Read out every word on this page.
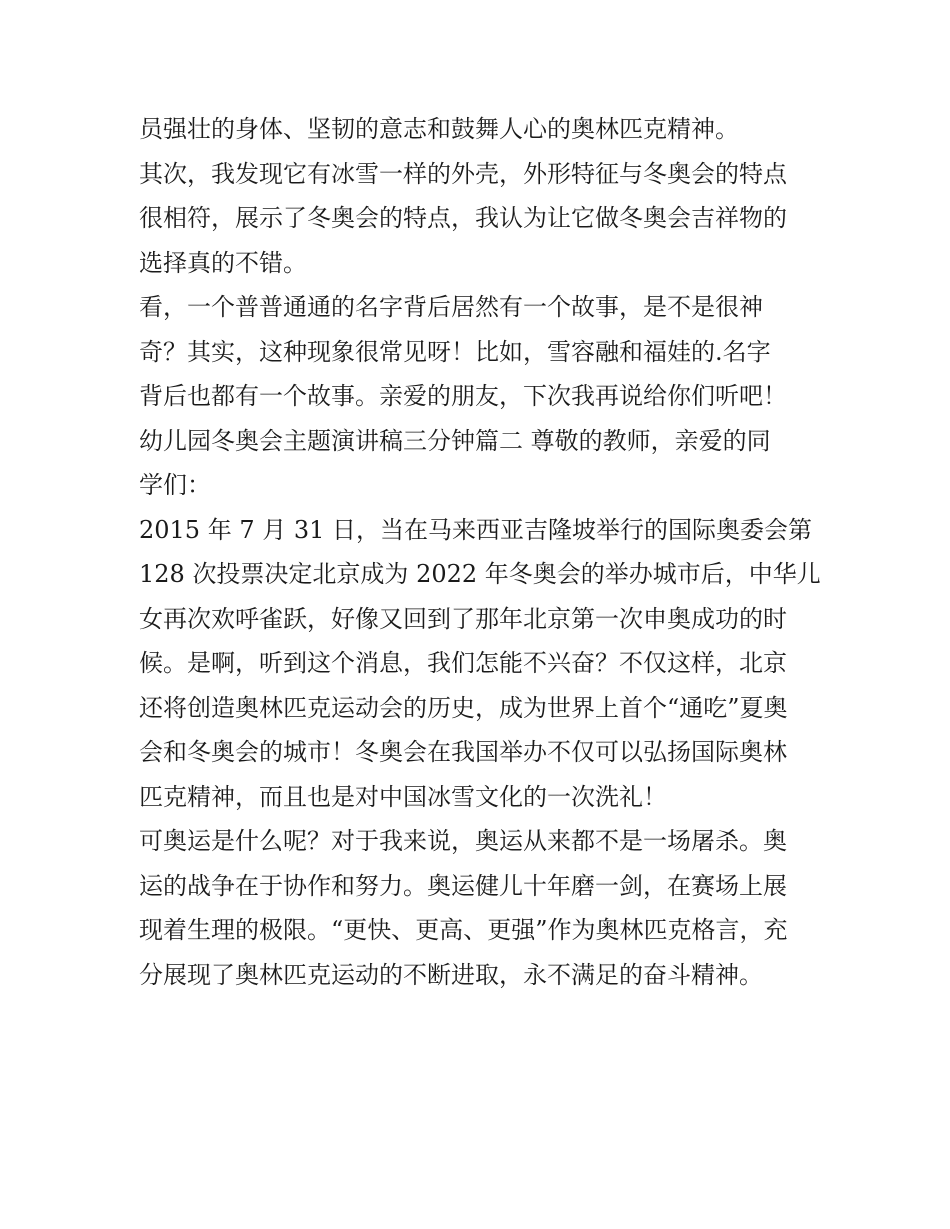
员强壮的身体、坚韧的意志和鼓舞人心的奥林匹克精神。
其次，我发现它有冰雪一样的外壳，外形特征与冬奥会的特点
很相符，展示了冬奥会的特点，我认为让它做冬奥会吉祥物的
选择真的不错。
看，一个普普通通的名字背后居然有一个故事，是不是很神
奇？其实，这种现象很常见呀！比如，雪容融和福娃的.名字
背后也都有一个故事。亲爱的朋友，下次我再说给你们听吧！
幼儿园冬奥会主题演讲稿三分钟篇二 尊敬的教师，亲爱的同
学们：
2015 年 7 月 31 日，当在马来西亚吉隆坡举行的国际奥委会第
128 次投票决定北京成为 2022 年冬奥会的举办城市后，中华儿
女再次欢呼雀跃，好像又回到了那年北京第一次申奥成功的时
候。是啊，听到这个消息，我们怎能不兴奋？不仅这样，北京
还将创造奥林匹克运动会的历史，成为世界上首个“通吃”夏奥
会和冬奥会的城市！冬奥会在我国举办不仅可以弘扬国际奥林
匹克精神，而且也是对中国冰雪文化的一次洗礼！
可奥运是什么呢？对于我来说，奥运从来都不是一场屠杀。奥
运的战争在于协作和努力。奥运健儿十年磨一剑，在赛场上展
现着生理的极限。“更快、更高、更强”作为奥林匹克格言，充
分展现了奥林匹克运动的不断进取，永不满足的奋斗精神。
